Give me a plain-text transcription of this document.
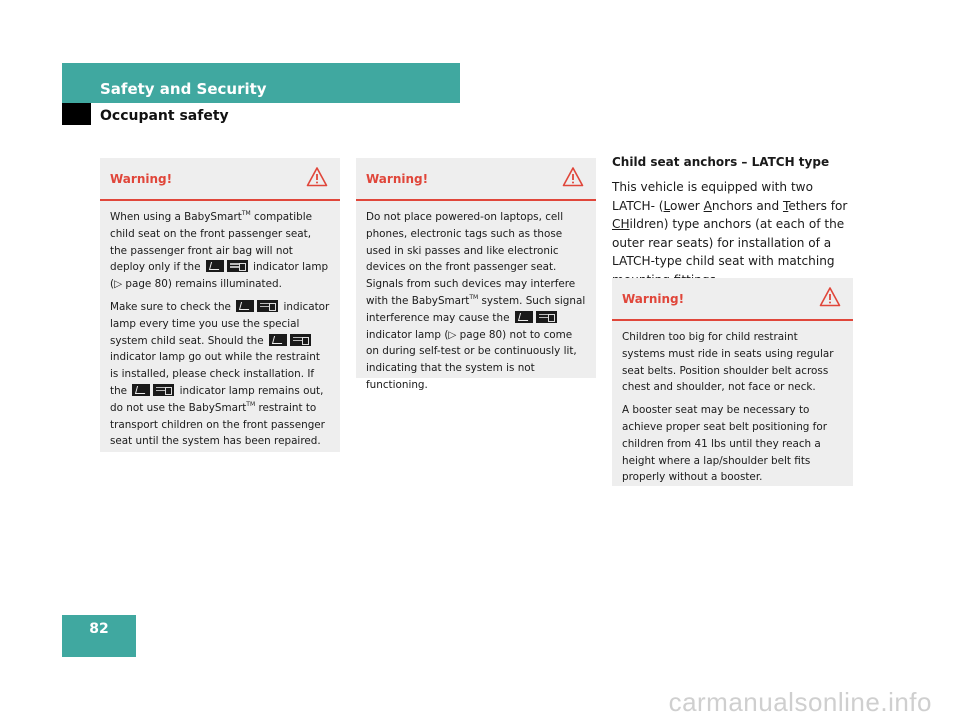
Safety and Security
Occupant safety
Warning!

When using a BabySmart™ compatible child seat on the front passenger seat, the passenger front air bag will not deploy only if the	indicator lamp (▷ page 80) remains illuminated.

Make sure to check the	indicator lamp every time you use the special system child seat. Should the
indicator lamp go out while the restraint is installed, please check installation. If the	indicator lamp remains out, do not use the BabySmart™ restraint to transport children on the front passenger seat until the system has been repaired.

Warning!

Do not place powered-on laptops, cell phones, electronic tags such as those used in ski passes and like electronic devices on the front passenger seat. Signals from such devices may interfere with the BabySmart™ system. Such signal interference may cause the
indicator lamp (▷ page 80) not to come on during self-test or be continuously lit, indicating that the system is not functioning.

Child seat anchors – LATCH type

This vehicle is equipped with two LATCH- (Lower Anchors and Tethers for CHildren) type anchors (at each of the outer rear seats) for installation of a LATCH-type child seat with matching

Warning!

Children too big for child restraint systems must ride in seats using regular seat belts. Position shoulder belt across chest and shoulder, not face or neck.

A booster seat may be necessary to achieve proper seat belt positioning for children from 41 lbs until they reach a height where a lap/shoulder belt fits properly without a booster.

82
carmanualsonline.info
